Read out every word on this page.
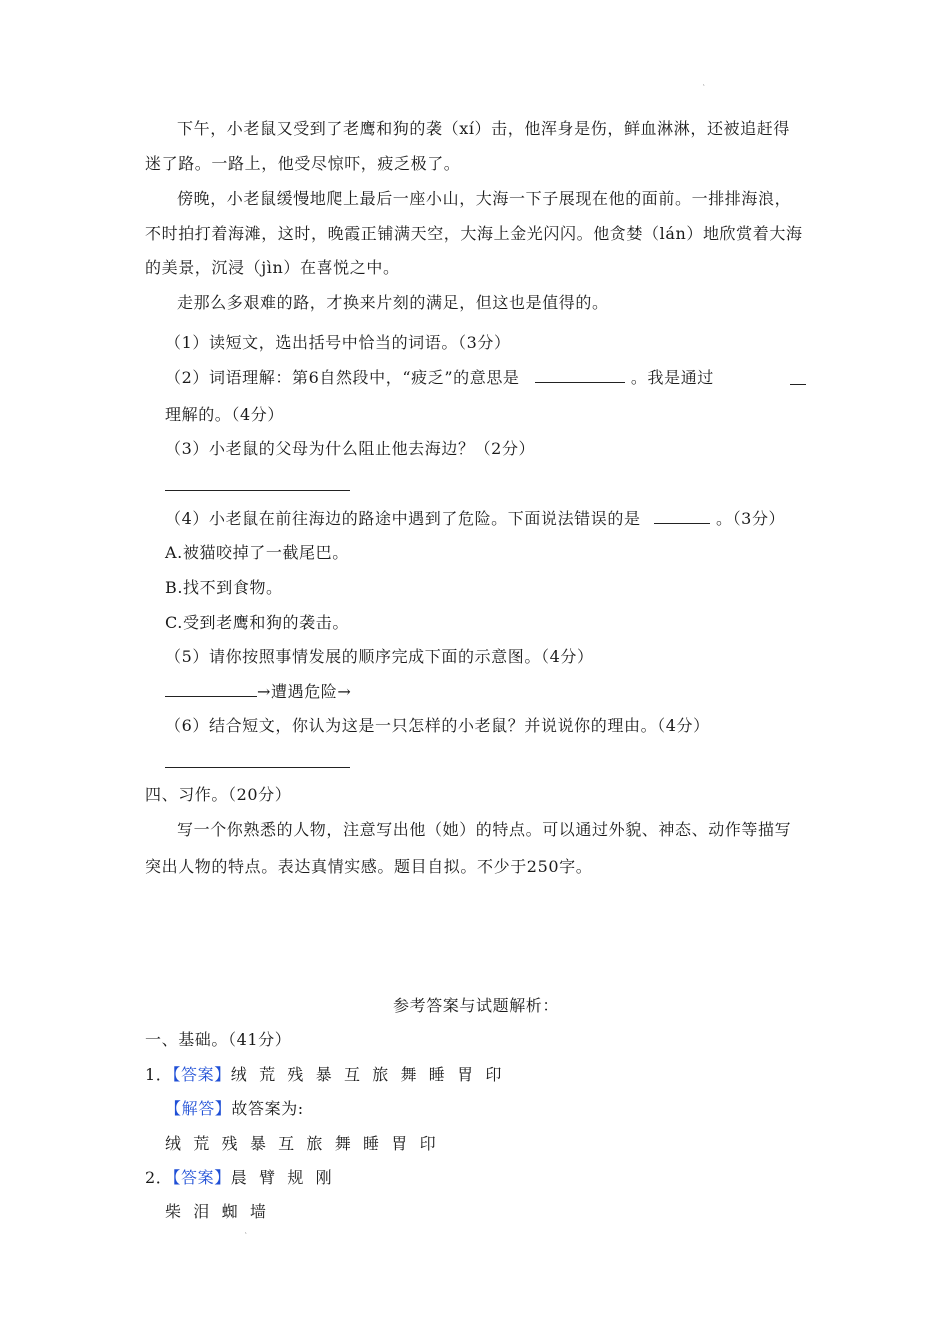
˛
˛
下午，小老鼠又受到了老鹰和狗的袭（xí）击，他浑身是伤，鲜血淋淋，还被追赶得
迷了路。一路上，他受尽惊吓，疲乏极了。
傍晚，小老鼠缓慢地爬上最后一座小山，大海一下子展现在他的面前。一排排海浪，
不时拍打着海滩，这时，晚霞正铺满天空，大海上金光闪闪。他贪婪（lán）地欣赏着大海
的美景，沉浸（jìn）在喜悦之中。
走那么多艰难的路，才换来片刻的满足，但这也是值得的。
（1）读短文，选出括号中恰当的词语。（3分）
（2）词语理解：第6自然段中，“疲乏”的意思是	。我是通过
理解的。（4分）
（3）小老鼠的父母为什么阻止他去海边？（2分）
（4）小老鼠在前往海边的路途中遇到了危险。下面说法错误的是	。（3分）
A.被猫咬掉了一截尾巴。
B.找不到食物。
C.受到老鹰和狗的袭击。
（5）请你按照事情发展的顺序完成下面的示意图。（4分）
→遭遇危险→
（6）结合短文，你认为这是一只怎样的小老鼠？并说说你的理由。（4分）
四、习作。（20分）
写一个你熟悉的人物，注意写出他（她）的特点。可以通过外貌、神态、动作等描写
突出人物的特点。表达真情实感。题目自拟。不少于250字。
参考答案与试题解析：
一、基础。（41分）
1．【答案】绒 荒 残 暴 互 旅 舞 睡 胃 印
【解答】故答案为:
绒 荒 残 暴 互 旅 舞 睡 胃 印
2．【答案】晨 臂 规 刚
柴 泪 蜘 墙
